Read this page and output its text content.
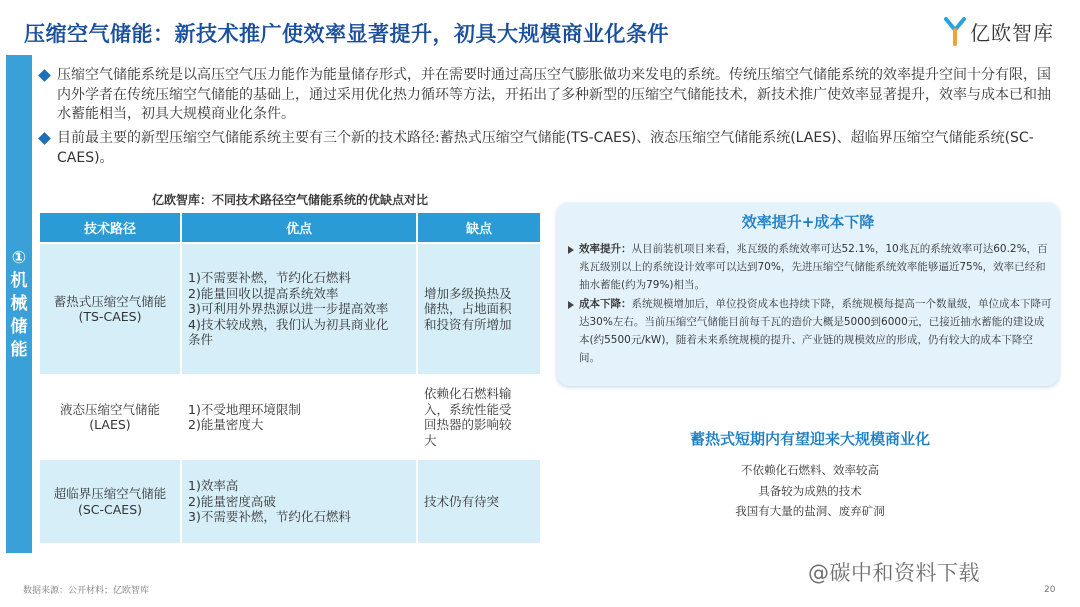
压缩空气储能：新技术推广使效率显著提升，初具大规模商业化条件	亿欧智库
①机械储能
压缩空气储能系统是以高压空气压力能作为能量储存形式，并在需要时通过高压空气膨胀做功来发电的系统。传统压缩空气储能系统的效率提升空间十分有限，国内外学者在传统压缩空气储能的基础上，通过采用优化热力循环等方法，开拓出了多种新型的压缩空气储能技术，新技术推广使效率显著提升，效率与成本已和抽水蓄能相当，初具大规模商业化条件。
目前最主要的新型压缩空气储能系统主要有三个新的技术路径:蓄热式压缩空气储能(TS-CAES)、液态压缩空气储能系统(LAES)、超临界压缩空气储能系统(SC-CAES)。
亿欧智库：不同技术路径空气储能系统的优缺点对比
技术路径	优点	缺点

蓄热式压缩空气储能
(TS-CAES)	1)不需要补燃，节约化石燃料
2)能量回收以提高系统效率
3)可利用外界热源以进一步提高效率
4)技术较成熟，我们认为初具商业化
条件	增加多级换热及
储热，占地面积
和投资有所增加

液态压缩空气储能
(LAES)	1)不受地理环境限制
2)能量密度大	依赖化石燃料输
入，系统性能受
回热器的影响较
大

超临界压缩空气储能
(SC-CAES)	1)效率高
2)能量密度高破
3)不需要补燃，节约化石燃料	技术仍有待突
效率提升+成本下降
效率提升：从目前装机项目来看，兆瓦级的系统效率可达52.1%，10兆瓦的系统效率可达60.2%，百兆瓦级别以上的系统设计效率可以达到70%，先进压缩空气储能系统效率能够逼近75%，效率已经和抽水蓄能(约为79%)相当。
成本下降：系统规模增加后，单位投资成本也持续下降，系统规模每提高一个数量级，单位成本下降可达30%左右。当前压缩空气储能目前每千瓦的造价大概是5000到6000元，已接近抽水蓄能的建设成本(约5500元/kW)，随着未来系统规模的提升、产业链的规模效应的形成，仍有较大的成本下降空间。
蓄热式短期内有望迎来大规模商业化
不依赖化石燃料、效率较高
具备较为成熟的技术
我国有大量的盐洞、废弃矿洞
数据来源：公开材料；亿欧智库
@碳中和资料下载
20
